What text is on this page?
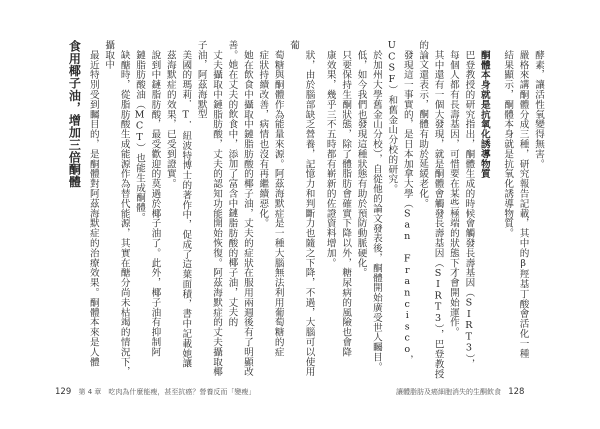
狀，由於腦部缺乏營養，記憶力和判斷力也隨之下降，不過，大腦可以使用葡

萄糖與酮體作為能量來源。阿茲海默症是一種大腦無法利用葡萄糖的症

症狀持續改善，病情也沒有再繼續惡化。

她在飲食中攝取中鏈脂肪酸的椰子油，丈夫的症狀在服用兩週後有了明顯改善。她在丈夫的飲食中，添加了富含中鏈脂肪酸的椰子油，丈夫的

丈夫攝取中鏈脂肪酸，丈夫的認知功能開始恢復。阿茲海默症的丈夫攝取椰子油，阿茲海默型

美國的瑪莉．T．紐波特博士的著作中，促成了這葉面積，書中記載她讓

茲海默症的效果，已受到證實。

說到中鏈脂肪酸，最受歡迎的莫過於椰子油了。此外，椰子油有抑制阿

鏈脂肪酸油（MCT）也能生成酮體。

缺醣時，從脂肪酸生成能源作為替代能源，其實在醣分尚未枯竭的情況下，攝取中

最近特別受到矚目的，是酮體對阿茲海默症的治療效果。酮體本來是人體

食用椰子油，增加三倍酮體

129 第 4 章　吃肉為什麼能瘦，甚至抗癌？營養反而「變瘦」

酵素，讓活性氧變得無害。

嚴格來講酮體分成三種，研究報告記載，其中的β羥基丁酸會活化一種

結果顯示，酮體本身就是抗氧化誘導物質。

酮體本身就是抗氧化誘導物質

巴登教授的研究指出，酮體生成的時候會觸發長壽基因（SIRT3），

每個人都有長壽基因，可惜要在某些極端的狀態下才會開始運作。

其中還有一個大發現，就是酮體會觸發長壽基因（SIRT3），巴登教授的論文還表示，酮體有助於延緩老化。

發現這一事實的，是日本加拿大學（San Francisco，UCSF）和舊金山分校的研究。

於加州大學舊金山分校），自從他的論文發表後，酮體開始廣受世人矚目。

低，如今我們也發現這種狀態有助於預防動脈硬化。

只要保持生酮狀態，除了體脂肪會確實下降以外，糖尿病的風險也會降

康效果，幾乎三不五時都有嶄新的佐證資料增加。

讓體脂肪及癌細胞消失的生酮飲食 128
